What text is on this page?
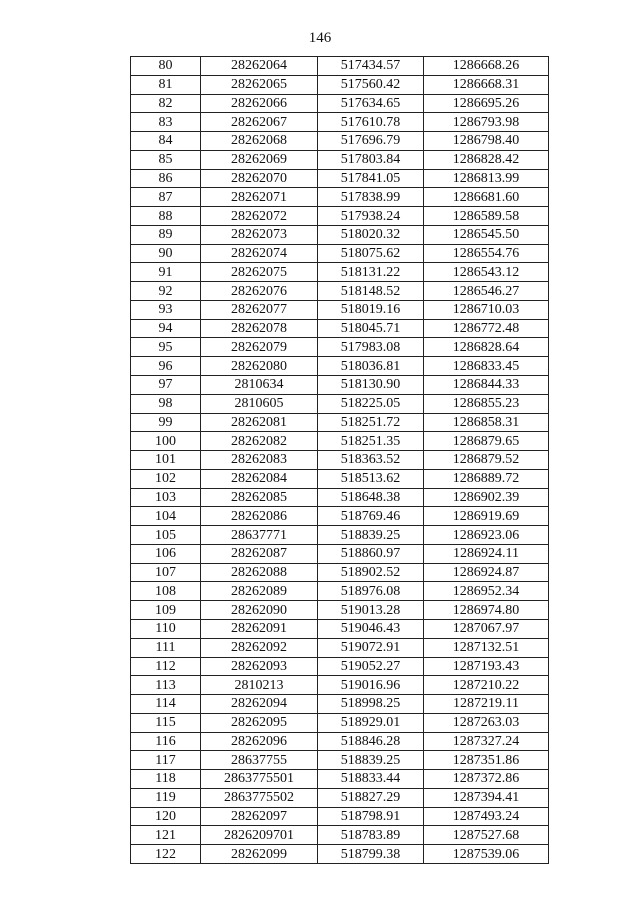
146
80	28262064	517434.57	1286668.26
81	28262065	517560.42	1286668.31
82	28262066	517634.65	1286695.26
83	28262067	517610.78	1286793.98
84	28262068	517696.79	1286798.40
85	28262069	517803.84	1286828.42
86	28262070	517841.05	1286813.99
87	28262071	517838.99	1286681.60
88	28262072	517938.24	1286589.58
89	28262073	518020.32	1286545.50
90	28262074	518075.62	1286554.76
91	28262075	518131.22	1286543.12
92	28262076	518148.52	1286546.27
93	28262077	518019.16	1286710.03
94	28262078	518045.71	1286772.48
95	28262079	517983.08	1286828.64
96	28262080	518036.81	1286833.45
97	2810634	518130.90	1286844.33
98	2810605	518225.05	1286855.23
99	28262081	518251.72	1286858.31
100	28262082	518251.35	1286879.65
101	28262083	518363.52	1286879.52
102	28262084	518513.62	1286889.72
103	28262085	518648.38	1286902.39
104	28262086	518769.46	1286919.69
105	28637771	518839.25	1286923.06
106	28262087	518860.97	1286924.11
107	28262088	518902.52	1286924.87
108	28262089	518976.08	1286952.34
109	28262090	519013.28	1286974.80
110	28262091	519046.43	1287067.97
111	28262092	519072.91	1287132.51
112	28262093	519052.27	1287193.43
113	2810213	519016.96	1287210.22
114	28262094	518998.25	1287219.11
115	28262095	518929.01	1287263.03
116	28262096	518846.28	1287327.24
117	28637755	518839.25	1287351.86
118	2863775501	518833.44	1287372.86
119	2863775502	518827.29	1287394.41
120	28262097	518798.91	1287493.24
121	2826209701	518783.89	1287527.68
122	28262099	518799.38	1287539.06
